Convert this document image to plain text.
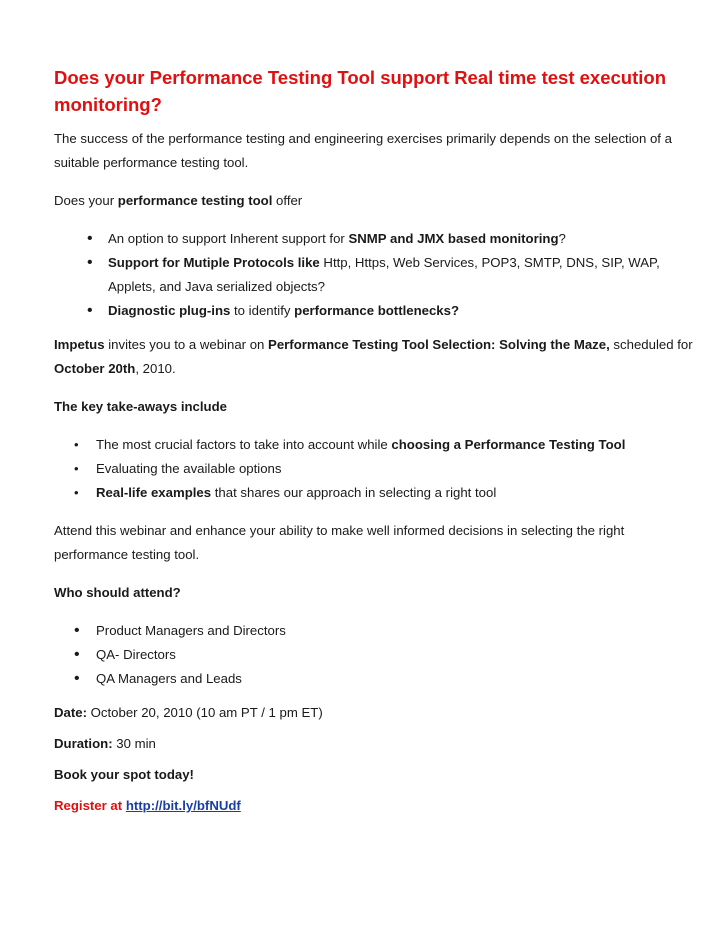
Does your Performance Testing Tool support Real time test execution monitoring?

The success of the performance testing and engineering exercises primarily depends on the selection of a suitable performance testing tool.

Does your performance testing tool offer

• An option to support Inherent support for SNMP and JMX based monitoring?
• Support for Mutiple Protocols like Http, Https, Web Services, POP3, SMTP, DNS, SIP, WAP, Applets, and Java serialized objects?
• Diagnostic plug-ins to identify performance bottlenecks?

Impetus invites you to a webinar on Performance Testing Tool Selection: Solving the Maze, scheduled for October 20th, 2010.

The key take-aways include

• The most crucial factors to take into account while choosing a Performance Testing Tool
• Evaluating the available options
• Real-life examples that shares our approach in selecting a right tool

Attend this webinar and enhance your ability to make well informed decisions in selecting the right performance testing tool.

Who should attend?

• Product Managers and Directors
• QA- Directors
• QA Managers and Leads

Date: October 20, 2010 (10 am PT / 1 pm ET)

Duration: 30 min

Book your spot today!

Register at http://bit.ly/bfNUdf
